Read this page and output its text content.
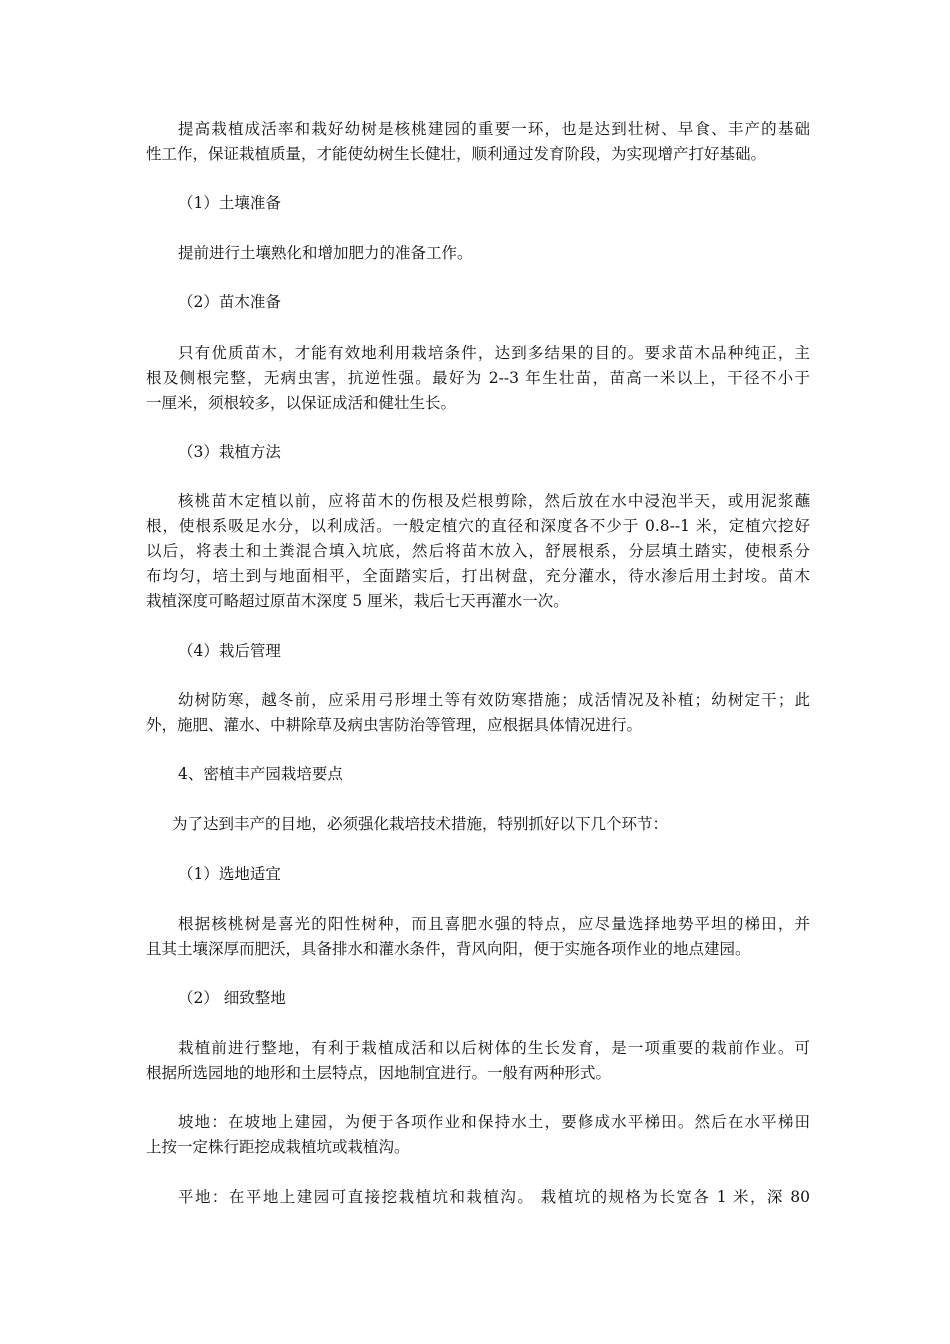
提高栽植成活率和栽好幼树是核桃建园的重要一环，也是达到壮树、早食、丰产的基础
性工作，保证栽植质量，才能使幼树生长健壮，顺利通过发育阶段，为实现增产打好基础。
（1）土壤准备
提前进行土壤熟化和增加肥力的准备工作。
（2）苗木准备
只有优质苗木，才能有效地利用栽培条件，达到多结果的目的。要求苗木品种纯正，主
根及侧根完整，无病虫害，抗逆性强。最好为 2--3 年生壮苗，苗高一米以上，干径不小于
一厘米，须根较多，以保证成活和健壮生长。
（3）栽植方法
核桃苗木定植以前，应将苗木的伤根及烂根剪除，然后放在水中浸泡半天，或用泥浆蘸
根，使根系吸足水分，以利成活。一般定植穴的直径和深度各不少于 0.8--1 米，定植穴挖好
以后，将表土和土粪混合填入坑底，然后将苗木放入，舒展根系，分层填土踏实，使根系分
布均匀，培土到与地面相平，全面踏实后，打出树盘，充分灌水，待水渗后用土封垵。苗木
栽植深度可略超过原苗木深度 5 厘米，栽后七天再灌水一次。
（4）栽后管理
幼树防寒，越冬前，应采用弓形埋土等有效防寒措施；成活情况及补植；幼树定干；此
外，施肥、灌水、中耕除草及病虫害防治等管理，应根据具体情况进行。
4、密植丰产园栽培要点
为了达到丰产的目地，必须强化栽培技术措施，特别抓好以下几个环节：
（1）选地适宜
根据核桃树是喜光的阳性树种，而且喜肥水强的特点，应尽量选择地势平坦的梯田，并
且其土壤深厚而肥沃，具备排水和灌水条件，背风向阳，便于实施各项作业的地点建园。
（2） 细致整地
栽植前进行整地，有利于栽植成活和以后树体的生长发育，是一项重要的栽前作业。可
根据所选园地的地形和土层特点，因地制宜进行。一般有两种形式。
坡地：在坡地上建园，为便于各项作业和保持水土，要修成水平梯田。然后在水平梯田
上按一定株行距挖成栽植坑或栽植沟。
平地：在平地上建园可直接挖栽植坑和栽植沟。 栽植坑的规格为长宽各 1 米，深 80
